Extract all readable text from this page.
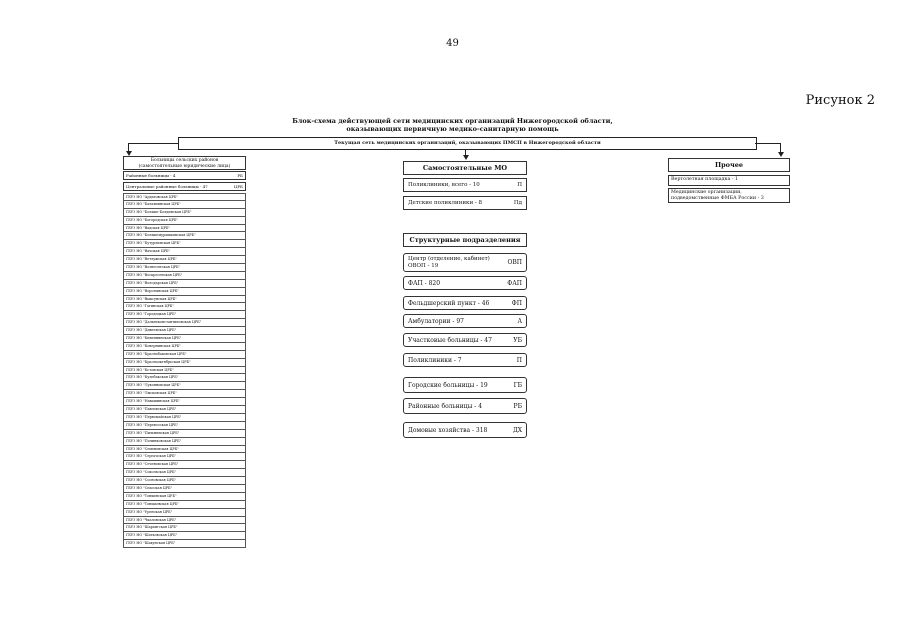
49
Рисунок 2
Блок-схема действующей сети медицинских организаций Нижегородской области,
оказывающих первичную медико-санитарную помощь
Текущая сеть медицинских организаций, оказывающих ПМСП в Нижегородской области
Больницы сельских районов
(самостоятельные юридические лица)
Районные больницы - 4	РБ
Центральные районные больницы - 47	ЦРБ
ГБУЗ НО "Ардатовская ЦРБ"
ГБУЗ НО "Балахнинская ЦРБ"
ГБУЗ НО "Больше-Болдинская ЦРБ"
ГБУЗ НО "Богородская ЦРБ"
ГБУЗ НО "Вадская ЦРБ"
ГБУЗ НО "Большемурашкинская ЦРБ"
ГБУЗ НО "Бутурлинская ЦРБ"
ГБУЗ НО "Вачская ЦРБ"
ГБУЗ НО "Ветлужская ЦРБ"
ГБУЗ НО "Вознесенская ЦРБ"
ГБУЗ НО "Воскресенская ЦРБ"
ГБУЗ НО "Володарская ЦРБ"
ГБУЗ НО "Воротынская ЦРБ"
ГБУЗ НО "Выксунская ЦРБ"
ГБУЗ НО "Гагинская ЦРБ"
ГБУЗ НО "Городецкая ЦРБ"
ГБУЗ НО "Дальнеконстантиновская ЦРБ"
ГБУЗ НО "Дивеевская ЦРБ"
ГБУЗ НО "Княгининская ЦРБ"
ГБУЗ НО "Ковернинская ЦРБ"
ГБУЗ НО "Краснобаковская ЦРБ"
ГБУЗ НО "Краснооктябрьская ЦРБ"
ГБУЗ НО "Кстовская ЦРБ"
ГБУЗ НО "Кулебакская ЦРБ"
ГБУЗ НО "Лукояновская ЦРБ"
ГБУЗ НО "Лысковская ЦРБ"
ГБУЗ НО "Навашинская ЦРБ"
ГБУЗ НО "Павловская ЦРБ"
ГБУЗ НО "Первомайская ЦРБ"
ГБУЗ НО "Перевозская ЦРБ"
ГБУЗ НО "Пильнинская ЦРБ"
ГБУЗ НО "Починковская ЦРБ"
ГБУЗ НО "Семеновская ЦРБ"
ГБУЗ НО "Сергачская ЦРБ"
ГБУЗ НО "Сеченовская ЦРБ"
ГБУЗ НО "Сокольская ЦРБ"
ГБУЗ НО "Сосновская ЦРБ"
ГБУЗ НО "Спасская ЦРБ"
ГБУЗ НО "Тонкинская ЦРБ"
ГБУЗ НО "Тоншаевская ЦРБ"
ГБУЗ НО "Уренская ЦРБ"
ГБУЗ НО "Чкаловская ЦРБ"
ГБУЗ НО "Шарангская ЦРБ"
ГБУЗ НО "Шатковская ЦРБ"
ГБУЗ НО "Шахунская ЦРБ"
Самостоятельные МО
Поликлиники, всего - 10	П
Детские поликлиники - 8	Пд
Структурные подразделения
Центр (отделение, кабинет) ОВОП - 19	ОВП
ФАП - 820	ФАП
Фельдшерский пункт - 46	ФП
Амбулатории - 97	А
Участковые больницы - 47	УБ
Поликлиники - 7	П
Городские больницы - 19	ГБ
Районные больницы - 4	РБ
Домовые хозяйства - 318	ДХ
Прочее
Вертолетная площадка - 1
Медицинские организации, подведомственные ФМБА России - 3
